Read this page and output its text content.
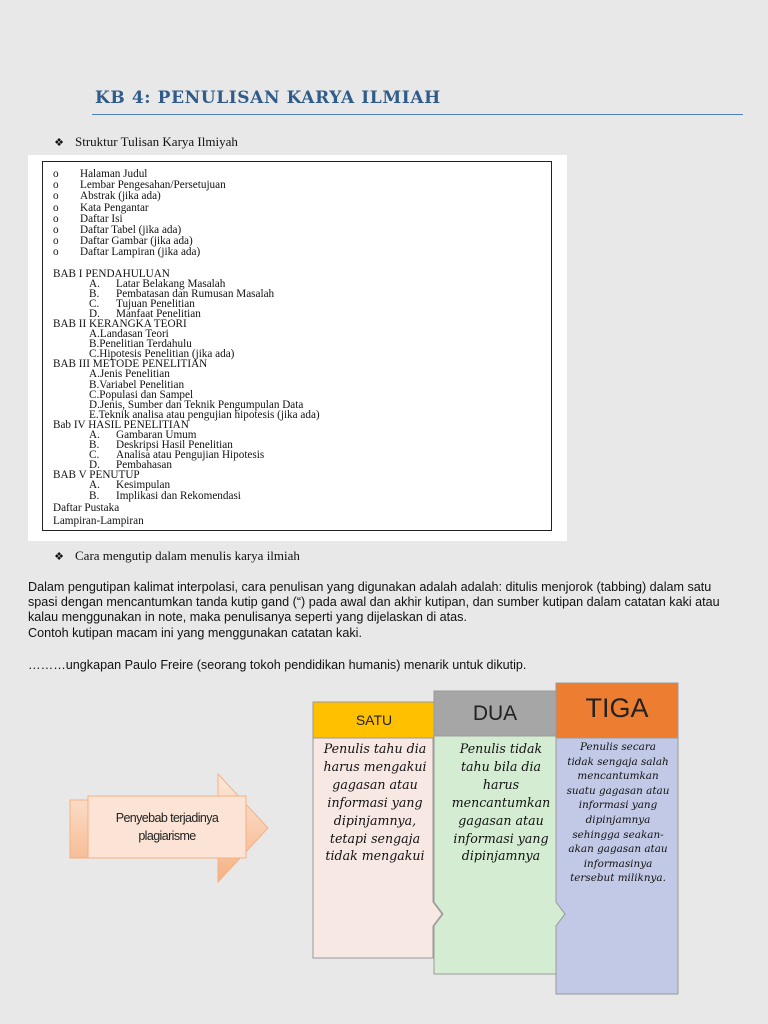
KB 4: PENULISAN KARYA ILMIAH
❖ Struktur Tulisan Karya Ilmiyah
o	Halaman Judul
o	Lembar Pengesahan/Persetujuan
o	Abstrak (jika ada)
o	Kata Pengantar
o	Daftar Isi
o	Daftar Tabel (jika ada)
o	Daftar Gambar (jika ada)
o	Daftar Lampiran (jika ada)
BAB I PENDAHULUAN
A.	Latar Belakang Masalah
B.	Pembatasan dan Rumusan Masalah
C.	Tujuan Penelitian
D.	Manfaat Penelitian
BAB II KERANGKA TEORI
A.Landasan Teori
B.Penelitian Terdahulu
C.Hipotesis Penelitian (jika ada)
BAB III METODE PENELITIAN
A.Jenis Penelitian
B.Variabel Penelitian
C.Populasi dan Sampel
D.Jenis, Sumber dan Teknik Pengumpulan Data
E.Teknik analisa atau pengujian hipotesis (jika ada)
Bab IV HASIL PENELITIAN
A.	Gambaran Umum
B.	Deskripsi Hasil Penelitian
C.	Analisa atau Pengujian Hipotesis
D.	Pembahasan
BAB V PENUTUP
A.	Kesimpulan
B.	Implikasi dan Rekomendasi
Daftar Pustaka
Lampiran-Lampiran
❖ Cara mengutip dalam menulis karya ilmiah

Dalam pengutipan kalimat interpolasi, cara penulisan yang digunakan adalah adalah: ditulis menjorok (tabbing) dalam satu spasi dengan mencantumkan tanda kutip gand (“) pada awal dan akhir kutipan, dan sumber kutipan dalam catatan kaki atau kalau menggunakan in note, maka penulisanya seperti yang dijelaskan di atas.

Contoh kutipan macam ini yang menggunakan catatan kaki.

………ungkapan Paulo Freire (seorang tokoh pendidikan humanis) menarik untuk dikutip.
Penyebab terjadinya plagiarisme
SATU
Penulis tahu dia harus mengakui gagasan atau informasi yang dipinjamnya, tetapi sengaja tidak mengakui
DUA
Penulis tidak tahu bila dia harus mencantumkan gagasan atau informasi yang dipinjamnya
TIGA
Penulis secara tidak sengaja salah mencantumkan suatu gagasan atau informasi yang dipinjamnya sehingga seakan-akan gagasan atau informasinya tersebut miliknya.
